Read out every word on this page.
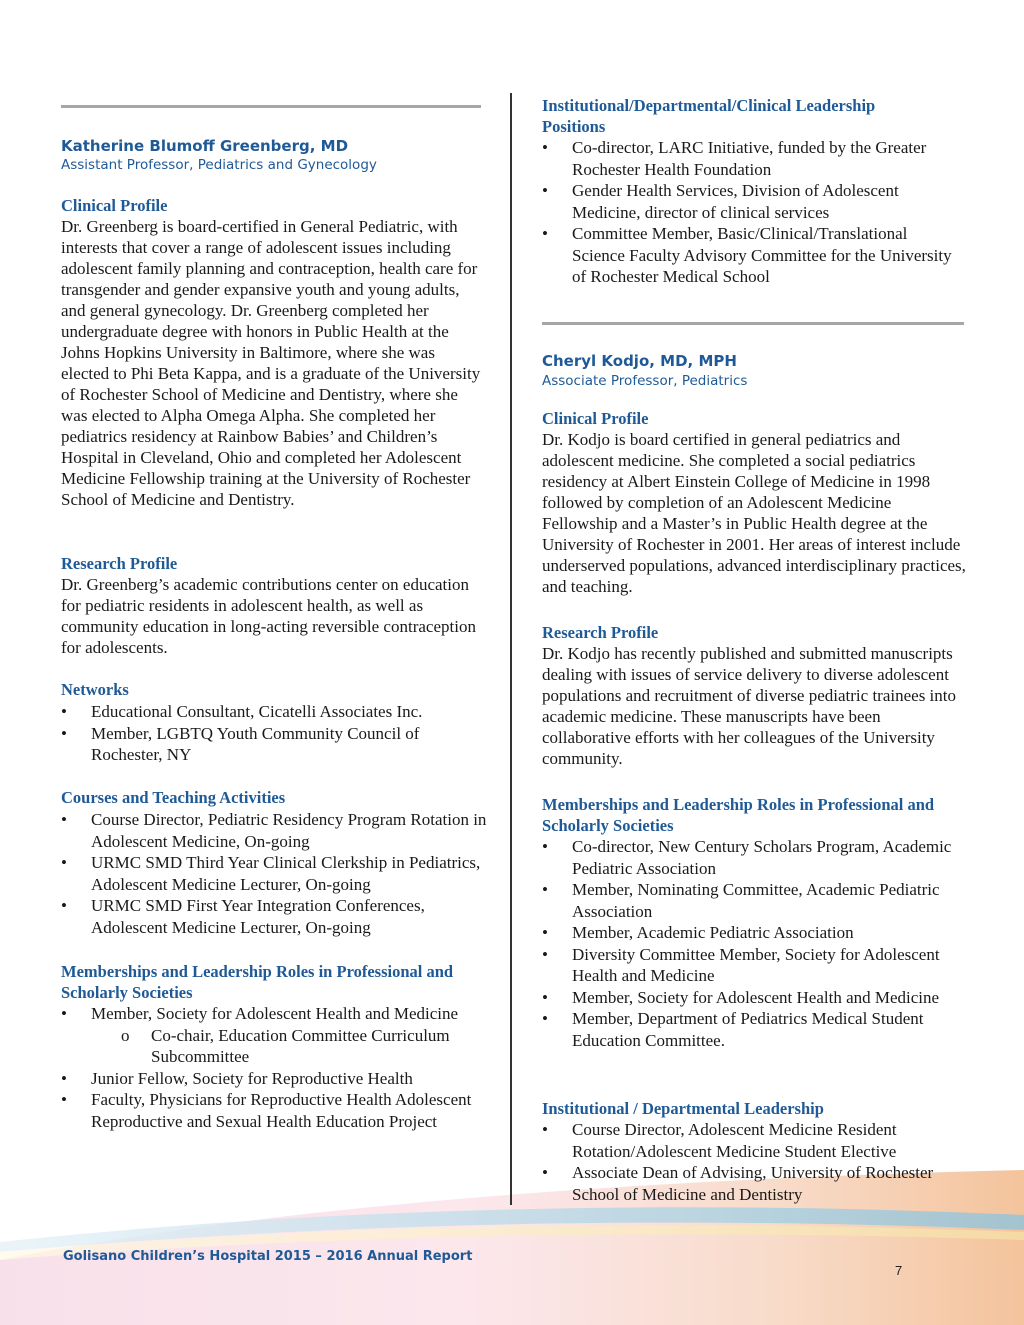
Katherine Blumoff Greenberg, MD

Assistant Professor, Pediatrics and Gynecology

Clinical Profile

Dr. Greenberg is board-certified in General Pediatric, with interests that cover a range of adolescent issues including adolescent family planning and contraception, health care for transgender and gender expansive youth and young adults, and general gynecology. Dr. Greenberg completed her undergraduate degree with honors in Public Health at the Johns Hopkins University in Baltimore, where she was elected to Phi Beta Kappa, and is a graduate of the University of Rochester School of Medicine and Dentistry, where she was elected to Alpha Omega Alpha. She completed her pediatrics residency at Rainbow Babies’ and Children’s Hospital in Cleveland, Ohio and completed her Adolescent Medicine Fellowship training at the University of Rochester School of Medicine and Dentistry.

Research Profile

Dr. Greenberg’s academic contributions center on education for pediatric residents in adolescent health, as well as community education in long-acting reversible contraception for adolescents.

Networks

• Educational Consultant, Cicatelli Associates Inc.
• Member, LGBTQ Youth Community Council of Rochester, NY

Courses and Teaching Activities

• Course Director, Pediatric Residency Program Rotation in Adolescent Medicine, On-going
• URMC SMD Third Year Clinical Clerkship in Pediatrics, Adolescent Medicine Lecturer, On-going
• URMC SMD First Year Integration Conferences, Adolescent Medicine Lecturer, On-going

Memberships and Leadership Roles in Professional and Scholarly Societies

• Member, Society for Adolescent Health and Medicine
o Co-chair, Education Committee Curriculum Subcommittee
• Junior Fellow, Society for Reproductive Health
• Faculty, Physicians for Reproductive Health Adolescent Reproductive and Sexual Health Education Project

Institutional/Departmental/Clinical Leadership Positions

• Co-director, LARC Initiative, funded by the Greater Rochester Health Foundation
• Gender Health Services, Division of Adolescent Medicine, director of clinical services
• Committee Member, Basic/Clinical/Translational Science Faculty Advisory Committee for the University of Rochester Medical School

Cheryl Kodjo, MD, MPH

Associate Professor, Pediatrics

Clinical Profile

Dr. Kodjo is board certified in general pediatrics and adolescent medicine. She completed a social pediatrics residency at Albert Einstein College of Medicine in 1998 followed by completion of an Adolescent Medicine Fellowship and a Master’s in Public Health degree at the University of Rochester in 2001. Her areas of interest include underserved populations, advanced interdisciplinary practices, and teaching.

Research Profile

Dr. Kodjo has recently published and submitted manuscripts dealing with issues of service delivery to diverse adolescent populations and recruitment of diverse pediatric trainees into academic medicine. These manuscripts have been collaborative efforts with her colleagues of the University community.

Memberships and Leadership Roles in Professional and Scholarly Societies

• Co-director, New Century Scholars Program, Academic Pediatric Association
• Member, Nominating Committee, Academic Pediatric Association
• Member, Academic Pediatric Association
• Diversity Committee Member, Society for Adolescent Health and Medicine
• Member, Society for Adolescent Health and Medicine
• Member, Department of Pediatrics Medical Student Education Committee.

Institutional / Departmental Leadership

• Course Director, Adolescent Medicine Resident Rotation/Adolescent Medicine Student Elective
• Associate Dean of Advising, University of Rochester School of Medicine and Dentistry
Golisano Children’s Hospital 2015 – 2016 Annual Report
7
